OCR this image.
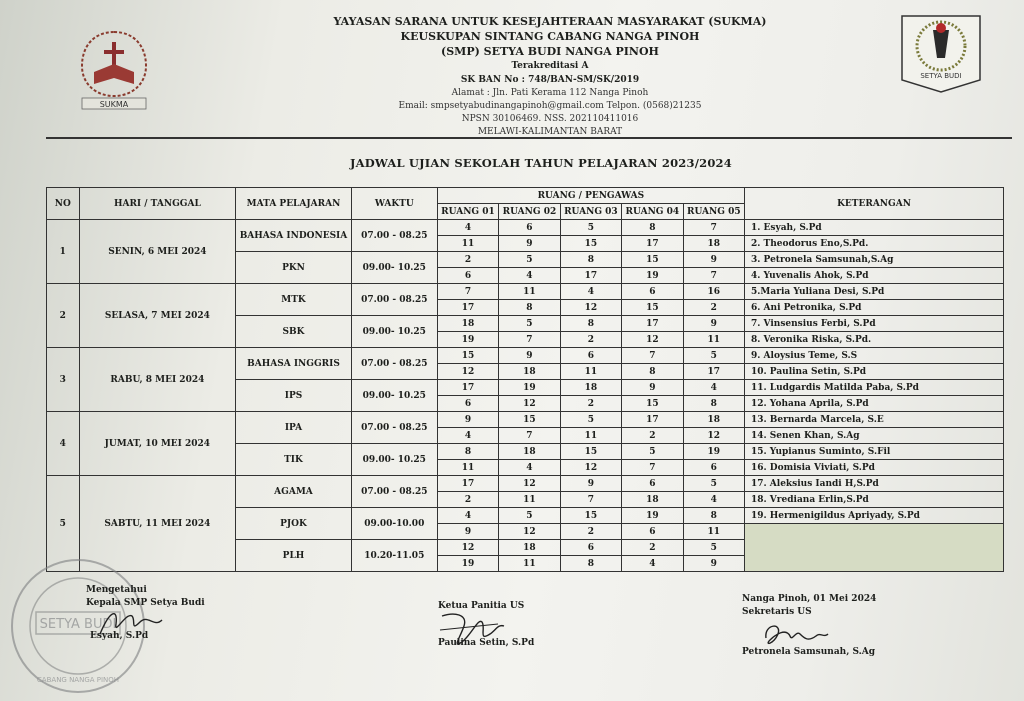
SUKMA
YAYASAN SARANA UNTUK KESEJAHTERAAN MASYARAKAT (SUKMA)
KEUSKUPAN SINTANG CABANG NANGA PINOH
(SMP) SETYA BUDI NANGA PINOH
Terakreditasi A
SK BAN No : 748/BAN-SM/SK/2019
Alamat : Jln. Pati Kerama 112 Nanga Pinoh
Email: smpsetyabudinangapinoh@gmail.com Telpon. (0568)21235
NPSN 30106469. NSS. 202110411016
MELAWI-KALIMANTAN BARAT
SETYA BUDI
JADWAL UJIAN SEKOLAH TAHUN PELAJARAN 2023/2024
NO	HARI / TANGGAL	MATA PELAJARAN	WAKTU	RUANG / PENGAWAS					KETERANGAN
				RUANG 01	RUANG 02	RUANG 03	RUANG 04	RUANG 05	
1	SENIN, 6 MEI 2024	BAHASA INDONESIA	07.00 - 08.25	4	6	5	8	7	1. Esyah, S.Pd
				11	9	15	17	18	2. Theodorus Eno,S.Pd.
		PKN	09.00- 10.25	2	5	8	15	9	3. Petronela Samsunah,S.Ag
				6	4	17	19	7	4. Yuvenalis Ahok, S.Pd
2	SELASA, 7 MEI 2024	MTK	07.00 - 08.25	7	11	4	6	16	5.Maria Yuliana Desi, S.Pd
				17	8	12	15	2	6. Ani Petronika, S.Pd
		SBK	09.00- 10.25	18	5	8	17	9	7. Vinsensius Ferbi, S.Pd
				19	7	2	12	11	8. Veronika Riska, S.Pd.
3	RABU, 8 MEI 2024	BAHASA INGGRIS	07.00 - 08.25	15	9	6	7	5	9. Aloysius Teme, S.S
				12	18	11	8	17	10. Paulina Setin, S.Pd
		IPS	09.00- 10.25	17	19	18	9	4	11. Ludgardis Matilda Paba, S.Pd
				6	12	2	15	8	12. Yohana Aprila, S.Pd
4	JUMAT, 10 MEI 2024	IPA	07.00 - 08.25	9	15	5	17	18	13. Bernarda Marcela, S.E
				4	7	11	2	12	14. Senen Khan, S.Ag
		TIK	09.00- 10.25	8	18	15	5	19	15. Yupianus Suminto, S.Fil
				11	4	12	7	6	16. Domisia Viviati, S.Pd
5	SABTU, 11 MEI 2024	AGAMA	07.00 - 08.25	17	12	9	6	5	17. Aleksius Iandi H,S.Pd
				2	11	7	18	4	18. Vrediana Erlin,S.Pd
		PJOK	09.00-10.00	4	5	15	19	8	19. Hermenigildus Apriyady, S.Pd
				9	12	2	6	11	
		PLH	10.20-11.05	12	18	6	2	5	
				19	11	8	4	9	
SETYA BUDI
CABANG NANGA PINOH
Mengetahui
Kepala SMP Setya Budi
Esyah, S.Pd
Ketua Panitia US
Paulina Setin, S.Pd
Nanga Pinoh, 01 Mei 2024
Sekretaris US
Petronela Samsunah, S.Ag
